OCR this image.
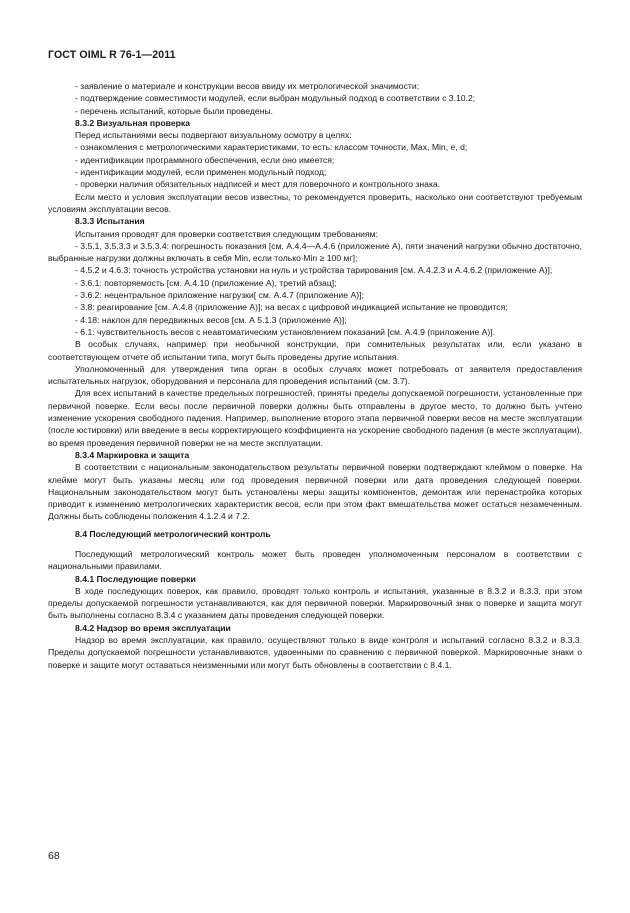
ГОСТ OIML R 76-1—2011

- заявление о материале и конструкции весов ввиду их метрологической значимости;

- подтверждение совместимости модулей, если выбран модульный подход в соответствии с 3.10.2;

- перечень испытаний, которые были проведены.

8.3.2 Визуальная проверка

Перед испытаниями весы подвергают визуальному осмотру в целях:

- ознакомления с метрологическими характеристиками, то есть: классом точности, Max, Min, e, d;

- идентификации программного обеспечения, если оно имеется;

- идентификации модулей, если применен модульный подход;

- проверки наличия обязательных надписей и мест для поверочного и контрольного знака.

Если место и условия эксплуатации весов известны, то рекомендуется проверить, насколько они соответствуют требуемым условиям эксплуатации весов.

8.3.3 Испытания

Испытания проводят для проверки соответствия следующим требованиям:

- 3.5.1, 3.5.3.3 и 3.5.3.4: погрешность показания [см. А.4.4—А.4.6 (приложение А), пяти значений нагрузки обычно достаточно, выбранные нагрузки должны включать в себя Min, если только Min ≥ 100 мг];

- 4.5.2 и 4.6.3: точность устройства установки на нуль и устройства тарирования [см. А.4.2.3 и А.4.6.2 (приложение А)];

- 3.6.1: повторяемость [см. А.4.10 (приложение А), третий абзац];

- 3.6.2: нецентральное приложение нагрузки[ см. А.4.7 (приложение А)];

- 3.8: реагирование [см. А.4.8 (приложение А)]; на весах с цифровой индикацией испытание не проводится;

- 4.18: наклон для передвижных весов [см. А 5.1.3 (приложение А)];

- 6.1: чувствительность весов с неавтоматическим установлением показаний [см. А.4.9 (приложение А)].

В особых случаях, например при необычной конструкции, при сомнительных результатах или, если указано в соответствующем отчете об испытании типа, могут быть проведены другие испытания.

Уполномоченный для утверждения типа орган в особых случаях может потребовать от заявителя предоставления испытательных нагрузок, оборудования и персонала для проведения испытаний (см. 3.7).

Для всех испытаний в качестве предельных погрешностей, приняты пределы допускаемой погрешности, установленные при первичной поверке. Если весы после первичной поверки должны быть отправлены в другое место, то должно быть учтено изменение ускорения свободного падения. Например, выполнение второго этапа первичной поверки весов на месте эксплуатации (после юстировки) или введение в весы корректирующего коэффициента на ускорение свободного падения (в месте эксплуатации), во время проведения первичной поверки не на месте эксплуатации.

8.3.4 Маркировка и защита

В соответствии с национальным законодательством результаты первичной поверки подтверждают клеймом о поверке. На клейме могут быть указаны месяц или год проведения первичной поверки или дата проведения следующей поверки. Национальным законодательством могут быть установлены меры защиты компонентов, демонтаж или перенастройка которых приводит к изменению метрологических характеристик весов, если при этом факт вмешательства может остаться незамеченным. Должны быть соблюдены положения 4.1.2.4 и 7.2.

8.4 Последующий метрологический контроль

Последующий метрологический контроль может быть проведен уполномоченным персоналом в соответствии с национальными правилами.

8.4.1 Последующие поверки

В ходе последующих поверок, как правило, проводят только контроль и испытания, указанные в 8.3.2 и 8.3.3, при этом пределы допускаемой погрешности устанавливаются, как для первичной поверки. Маркировочный знак о поверке и защита могут быть выполнены согласно 8.3.4 с указанием даты проведения следующей поверки.

8.4.2 Надзор во время эксплуатации

Надзор во время эксплуатации, как правило, осуществляют только в виде контроля и испытаний согласно 8.3.2 и 8.3.3. Пределы допускаемой погрешности устанавливаются, удвоенными по сравнению с первичной поверкой. Маркировочные знаки о поверке и защите могут оставаться неизменными или могут быть обновлены в соответствии с 8.4.1.

68
